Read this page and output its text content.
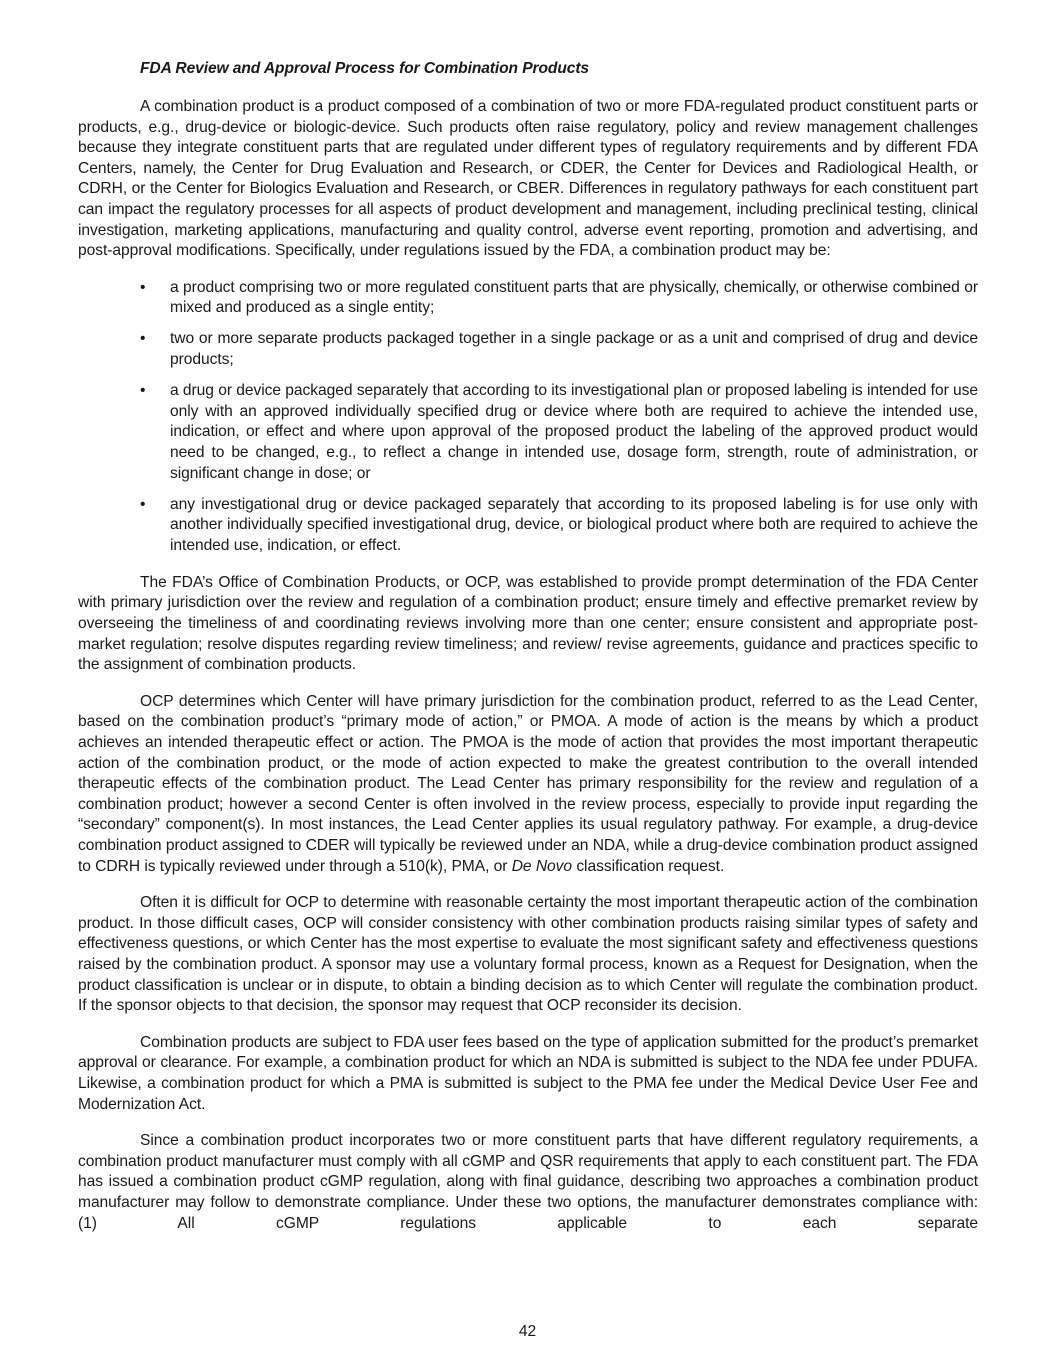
FDA Review and Approval Process for Combination Products

A combination product is a product composed of a combination of two or more FDA-regulated product constituent parts or products, e.g., drug-device or biologic-device. Such products often raise regulatory, policy and review management challenges because they integrate constituent parts that are regulated under different types of regulatory requirements and by different FDA Centers, namely, the Center for Drug Evaluation and Research, or CDER, the Center for Devices and Radiological Health, or CDRH, or the Center for Biologics Evaluation and Research, or CBER. Differences in regulatory pathways for each constituent part can impact the regulatory processes for all aspects of product development and management, including preclinical testing, clinical investigation, marketing applications, manufacturing and quality control, adverse event reporting, promotion and advertising, and post-approval modifications. Specifically, under regulations issued by the FDA, a combination product may be:

• a product comprising two or more regulated constituent parts that are physically, chemically, or otherwise combined or mixed and produced as a single entity;
• two or more separate products packaged together in a single package or as a unit and comprised of drug and device products;
• a drug or device packaged separately that according to its investigational plan or proposed labeling is intended for use only with an approved individually specified drug or device where both are required to achieve the intended use, indication, or effect and where upon approval of the proposed product the labeling of the approved product would need to be changed, e.g., to reflect a change in intended use, dosage form, strength, route of administration, or significant change in dose; or
• any investigational drug or device packaged separately that according to its proposed labeling is for use only with another individually specified investigational drug, device, or biological product where both are required to achieve the intended use, indication, or effect.

The FDA’s Office of Combination Products, or OCP, was established to provide prompt determination of the FDA Center with primary jurisdiction over the review and regulation of a combination product; ensure timely and effective premarket review by overseeing the timeliness of and coordinating reviews involving more than one center; ensure consistent and appropriate post-market regulation; resolve disputes regarding review timeliness; and review/ revise agreements, guidance and practices specific to the assignment of combination products.

OCP determines which Center will have primary jurisdiction for the combination product, referred to as the Lead Center, based on the combination product’s “primary mode of action,” or PMOA. A mode of action is the means by which a product achieves an intended therapeutic effect or action. The PMOA is the mode of action that provides the most important therapeutic action of the combination product, or the mode of action expected to make the greatest contribution to the overall intended therapeutic effects of the combination product. The Lead Center has primary responsibility for the review and regulation of a combination product; however a second Center is often involved in the review process, especially to provide input regarding the “secondary” component(s). In most instances, the Lead Center applies its usual regulatory pathway. For example, a drug-device combination product assigned to CDER will typically be reviewed under an NDA, while a drug-device combination product assigned to CDRH is typically reviewed under through a 510(k), PMA, or De Novo classification request.

Often it is difficult for OCP to determine with reasonable certainty the most important therapeutic action of the combination product. In those difficult cases, OCP will consider consistency with other combination products raising similar types of safety and effectiveness questions, or which Center has the most expertise to evaluate the most significant safety and effectiveness questions raised by the combination product. A sponsor may use a voluntary formal process, known as a Request for Designation, when the product classification is unclear or in dispute, to obtain a binding decision as to which Center will regulate the combination product. If the sponsor objects to that decision, the sponsor may request that OCP reconsider its decision.

Combination products are subject to FDA user fees based on the type of application submitted for the product’s premarket approval or clearance. For example, a combination product for which an NDA is submitted is subject to the NDA fee under PDUFA. Likewise, a combination product for which a PMA is submitted is subject to the PMA fee under the Medical Device User Fee and Modernization Act.

Since a combination product incorporates two or more constituent parts that have different regulatory requirements, a combination product manufacturer must comply with all cGMP and QSR requirements that apply to each constituent part. The FDA has issued a combination product cGMP regulation, along with final guidance, describing two approaches a combination product manufacturer may follow to demonstrate compliance. Under these two options, the manufacturer demonstrates compliance with: (1) All cGMP regulations applicable to each separate

42
